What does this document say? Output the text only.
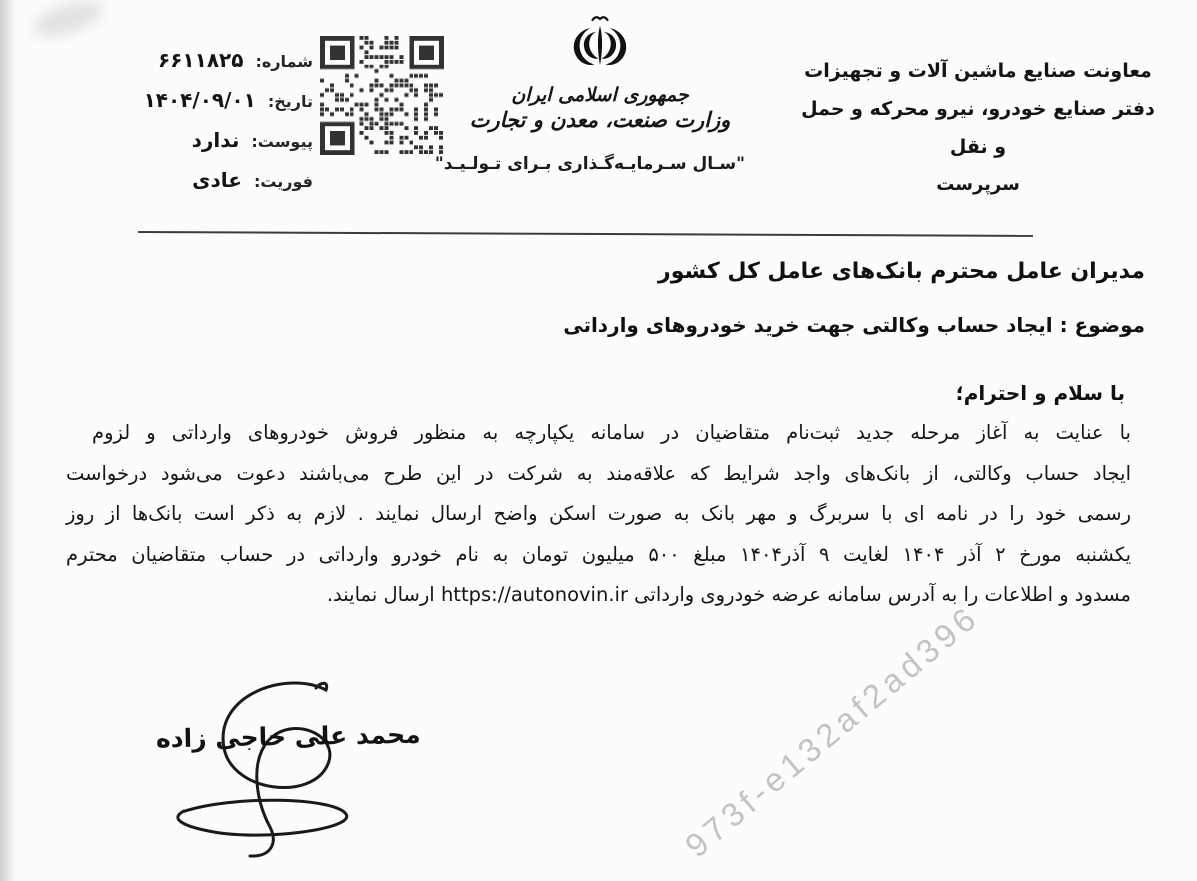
شماره:
۶۶۱۱۸۲۵
تاریخ:
۱۴۰۴/۰۹/۰۱
پیوست:
ندارد
فوریت:
عادی
جمهوری اسلامی ایران
وزارت صنعت، معدن و تجارت
"سـال سـرمایـه‌گـذاری بـرای تـولـیـد"
معاونت صنایع ماشین آلات و تجهیزات
دفتر صنایع خودرو، نیرو محرکه و حمل و نقل
سرپرست
مدیران عامل محترم بانک‌های عامل کل کشور
موضوع : ایجاد حساب وکالتی جهت خرید خودروهای وارداتی
با سلام و احترام؛
با عنایت به آغاز مرحله جدید ثبت‌نام متقاضیان در سامانه یکپارچه به منظور فروش خودروهای وارداتی و لزوم
ایجاد حساب وکالتی، از بانک‌های واجد شرایط که علاقه‌مند به شرکت در این طرح می‌باشند دعوت می‌شود درخواست
رسمی خود را در نامه ای با سربرگ و مهر بانک به صورت اسکن واضح ارسال نمایند . لازم به ذکر است بانک‌ها از روز
یکشنبه مورخ ۲ آذر ۱۴۰۴ لغایت ۹ آذر۱۴۰۴ مبلغ ۵۰۰ میلیون تومان به نام خودرو وارداتی در حساب متقاضیان محترم
مسدود و اطلاعات را به آدرس سامانه عرضه خودروی وارداتی https://autonovin.ir ارسال نمایند.
محمد علی حاجی زاده	973f-e132af2ad396
